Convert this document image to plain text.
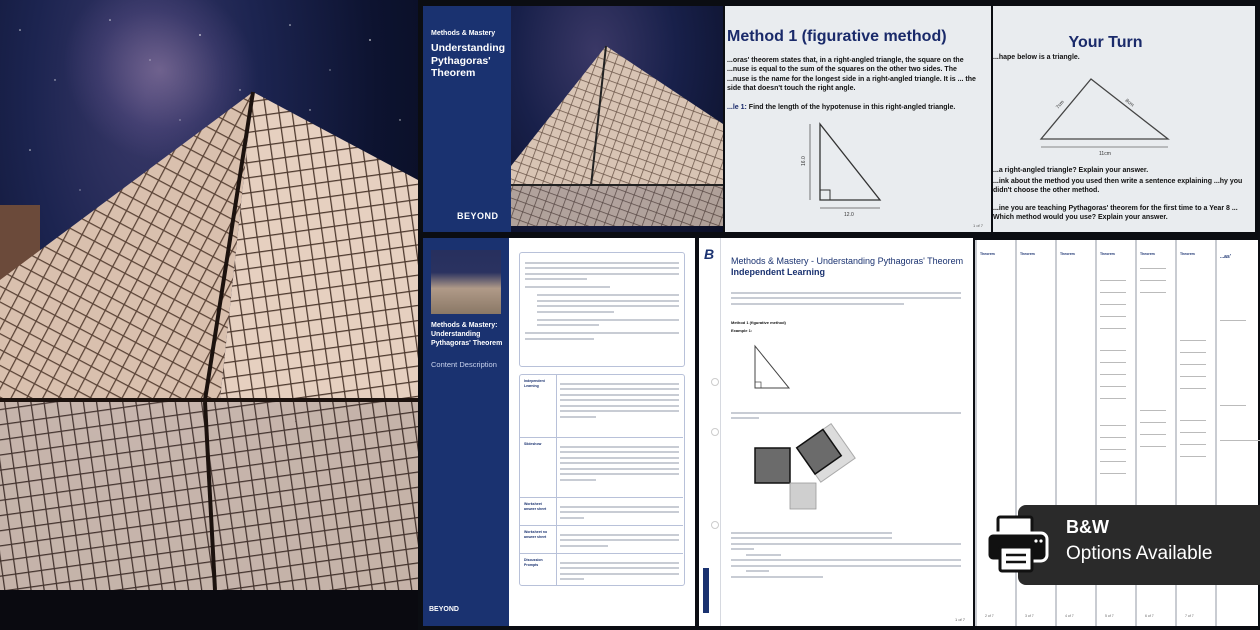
Methods & Mastery
Understanding Pythagoras' Theorem
BEYOND
Method 1 (figurative method)
...oras' theorem states that, in a right-angled triangle, the square on the ...nuse is equal to the sum of the squares on the other two sides. The ...nuse is the name for the longest side in a right-angled triangle. It is ... the side that doesn't touch the right angle.
...le 1: Find the length of the hypotenuse in this right-angled triangle.
16.0
12.0
1 of 7
Your Turn
...hape below is a triangle.
7cm	8cm
11cm
...a right-angled triangle? Explain your answer.
...ink about the method you used then write a sentence explaining ...hy you didn't choose the other method.
...ine you are teaching Pythagoras' theorem for the first time to a Year 8 ... Which method would you use? Explain your answer.
Methods & Mastery: Understanding Pythagoras' Theorem
Content Description
BEYOND
Independent Learning
Slideshow
Worksheet answer sheet
Worksheet no answer sheet
Discussion Prompts
B Methods & Mastery - Understanding Pythagoras' Theorem Independent Learning
Method 1 (figurative method)
Example 1:
1 of 7
Theorem
2 of 7
Theorem
3 of 7
Theorem
4 of 7
Theorem
5 of 7
Theorem
6 of 7
Theorem
7 of 7
...as'
B&W
Options Available
